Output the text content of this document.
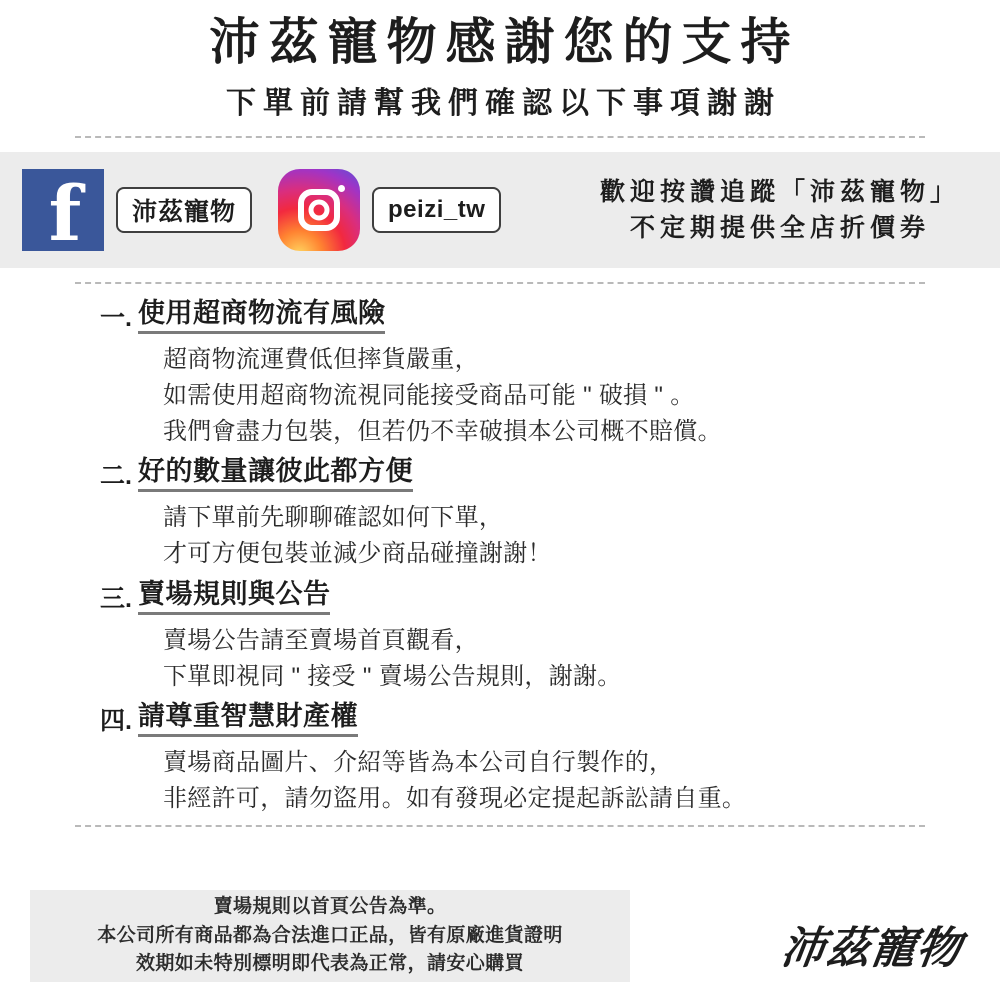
沛茲寵物感謝您的支持
下單前請幫我們確認以下事項謝謝
f	沛茲寵物	peizi_tw
歡迎按讚追蹤「沛茲寵物」
不定期提供全店折價券
一. 使用超商物流有風險

超商物流運費低但摔貨嚴重，

如需使用超商物流視同能接受商品可能 " 破損 " 。

我們會盡力包裝，但若仍不幸破損本公司概不賠償。

二. 好的數量讓彼此都方便

請下單前先聊聊確認如何下單，

才可方便包裝並減少商品碰撞謝謝！

三. 賣場規則與公告

賣場公告請至賣場首頁觀看，

下單即視同 " 接受 " 賣場公告規則，謝謝。

四. 請尊重智慧財產權

賣場商品圖片、介紹等皆為本公司自行製作的，

非經許可，請勿盜用。如有發現必定提起訴訟請自重。

賣場規則以首頁公告為準。

本公司所有商品都為合法進口正品，皆有原廠進貨證明

效期如未特別標明即代表為正常，請安心購買	沛茲寵物
